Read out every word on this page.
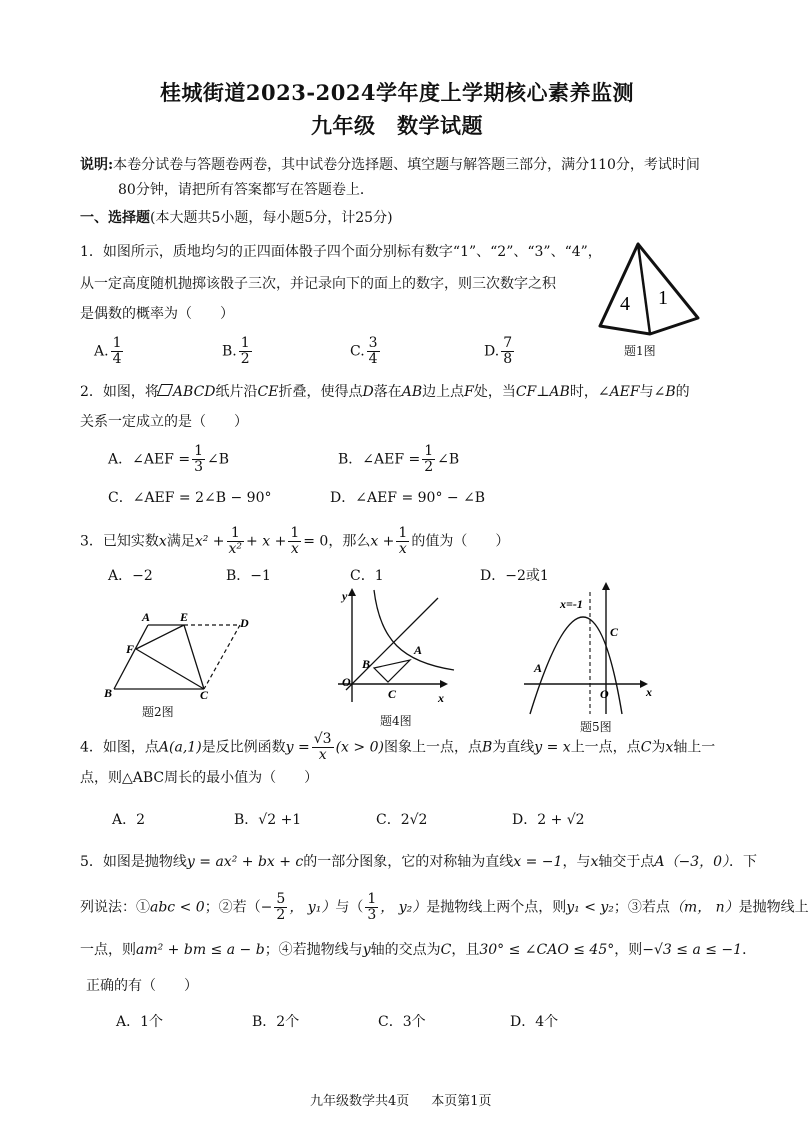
桂城街道2023-2024学年度上学期核心素养监测
九年级　数学试题
说明:本卷分试卷与答题卷两卷，其中试卷分选择题、填空题与解答题三部分，满分110分，考试时间
80分钟，请把所有答案都写在答题卷上．
一、选择题(本大题共5小题，每小题5分，计25分)
1．如图所示，质地均匀的正四面体骰子四个面分别标有数字“1”、“2”、“3”、“4”，
从一定高度随机抛掷该骰子三次，并记录向下的面上的数字，则三次数字之积
是偶数的概率为（　　）
A. $\frac{1}{4}$	B. $\frac{1}{2}$	C. $\frac{3}{4}$	D. $\frac{7}{8}$
4 1
题1图
2．如图，将 ABCD纸片沿CE折叠，使得点D落在AB边上点F处，当CF⊥AB时，∠AEF与∠B的
关系一定成立的是（　　）
A．∠AEF = $\frac{1}{3}$ ∠B	B．∠AEF = $\frac{1}{2}$ ∠B
C．∠AEF = 2∠B − 90°	D．∠AEF = 90° − ∠B
3．已知实数x满足$x^2 + \frac{1}{\text{x²}} + x + \frac{1}{x} = 0$，那么$x + \frac{1}{x}$ 的值为（　　）
A．−2	B．−1	C．1	D．−2或1
A E	D
F
B	C
题2图
y
x
O
A
B
C
题4图
x=-1
C
A
O	x
题5图
4．如图，点A(a,1)是反比例函数$y = \frac{√3}{x} (x > 0)$图象上一点，点B为直线y = x上一点，点C为x轴上一
点，则△ABC周长的最小值为（　　）
A．2	B．√2 +1	C．2√2	D．2 + √2
5．如图是抛物线y = ax² + bx + c的一部分图象，它的对称轴为直线x = −1，与x轴交于点A（−3，0）．下
列说法：①abc < 0；②若（− $\frac{5}{2}$ ， y₁）与（ $\frac{1}{3}$ ， y₂）是抛物线上两个点，则y₁ < y₂；③若点（m， n）是抛物线上
一点，则am² + bm ≤ a − b；④若抛物线与y轴的交点为C，且30° ≤ ∠CAO ≤ 45°，则−√3 ≤ a ≤ −1．
正确的有（　　）
A．1个	B．2个	C．3个	D．4个
九年级数学共4页 本页第1页
